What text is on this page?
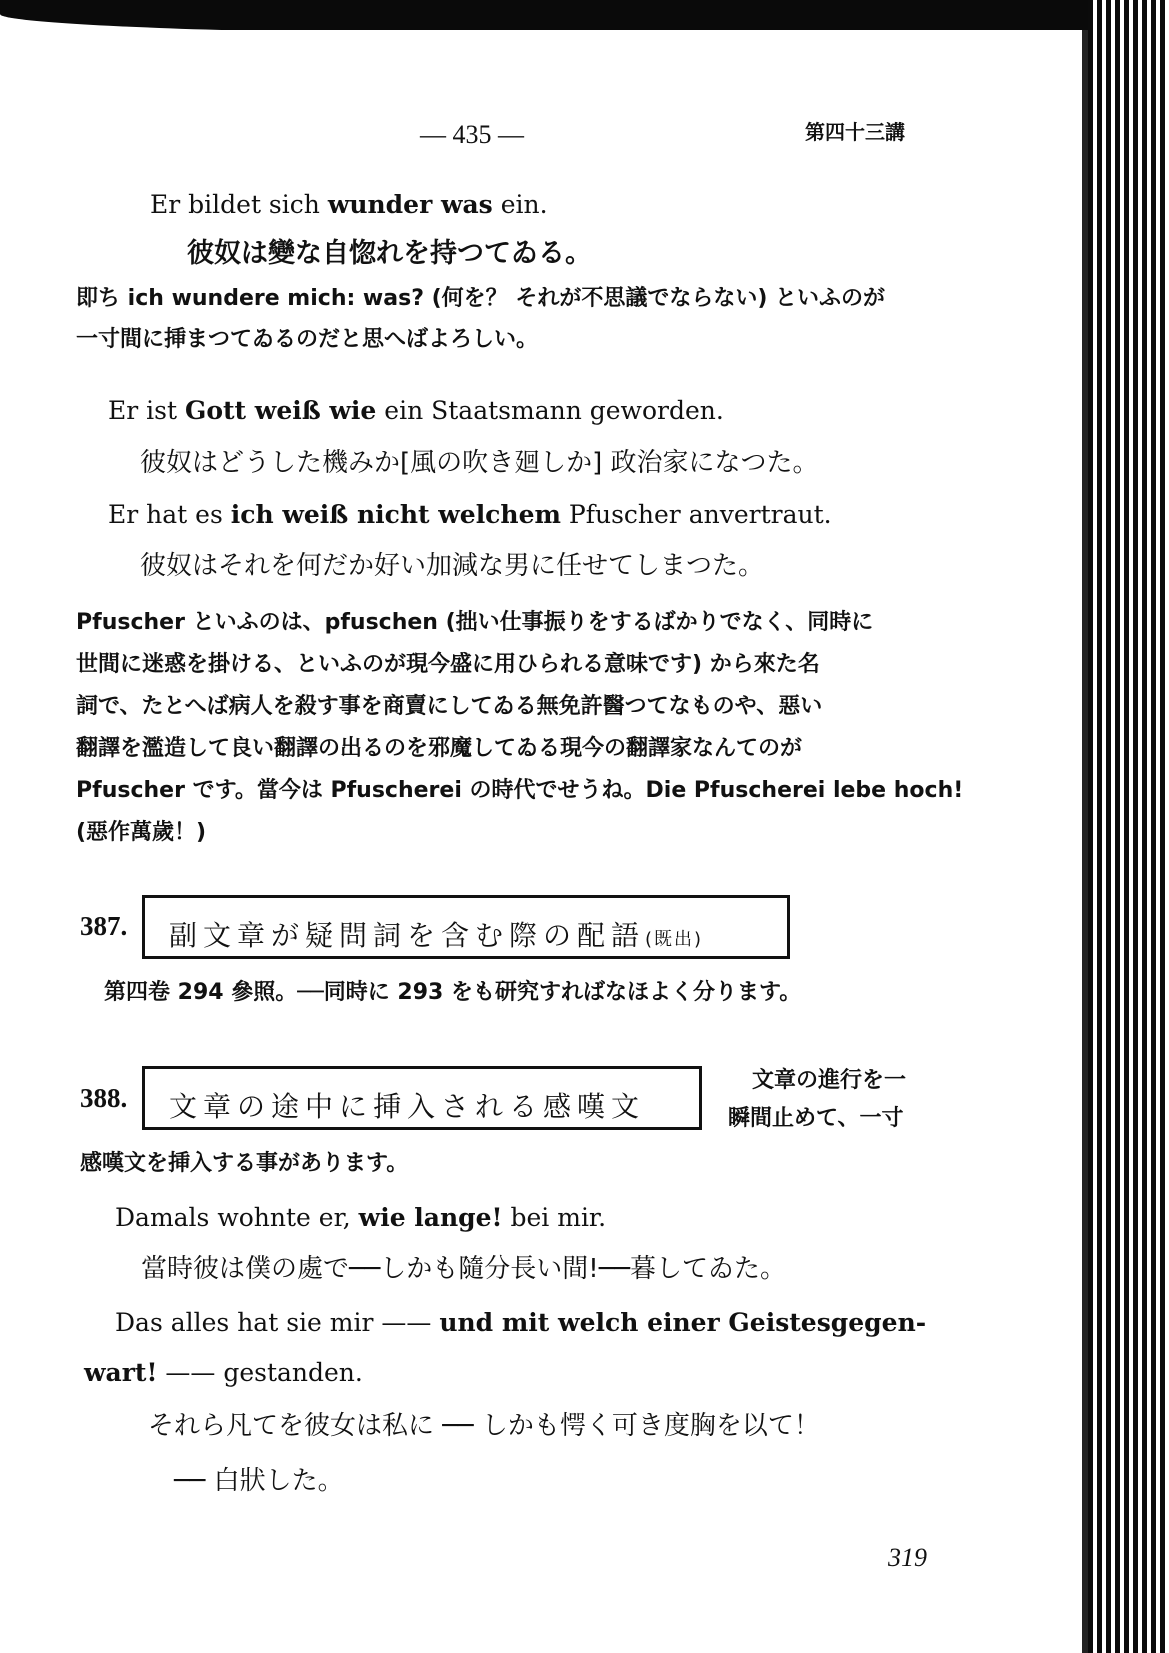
— 435 —	第四十三講
Er bildet sich wunder was ein.
彼奴は變な自惚れを持つてゐる。
即ち ich wundere mich: was? (何を？ それが不思議でならない) といふのが
一寸間に挿まつてゐるのだと思へばよろしい。
Er ist Gott weiß wie ein Staatsmann geworden.
彼奴はどうした機みか[風の吹き廻しか] 政治家になつた。
Er hat es ich weiß nicht welchem Pfuscher anvertraut.
彼奴はそれを何だか好い加減な男に任せてしまつた。
Pfuscher といふのは、pfuschen (拙い仕事振りをするばかりでなく、同時に
世間に迷惑を掛ける、といふのが現今盛に用ひられる意味です) から來た名
詞で、たとへば病人を殺す事を商賣にしてゐる無免許醫つてなものや、惡い
翻譯を濫造して良い翻譯の出るのを邪魔してゐる現今の翻譯家なんてのが
Pfuscher です。當今は Pfuscherei の時代でせうね。Die Pfuscherei lebe hoch!
(惡作萬歲！)
387. 副文章が疑問詞を含む際の配語(既出)
第四卷 294 參照。──同時に 293 をも研究すればなほよく分ります。
388. 文章の途中に挿入される感嘆文
文章の進行を一
瞬間止めて、一寸
感嘆文を挿入する事があります。
Damals wohnte er, wie lange! bei mir.
當時彼は僕の處で──しかも隨分長い間!──暮してゐた。
Das alles hat sie mir —— und mit welch einer Geistesgegen-
wart! —— gestanden.
それら凡てを彼女は私に ── しかも愕く可き度胸を以て！
── 白狀した。
319
